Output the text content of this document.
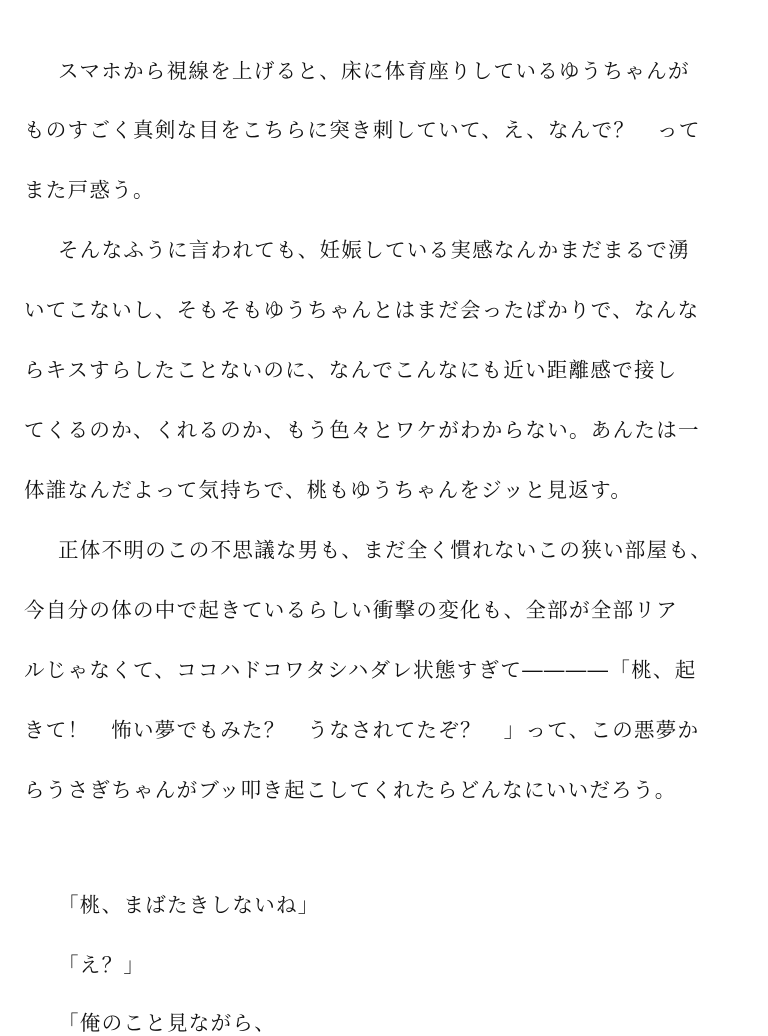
スマホから視線を上げると、床に体育座りしているゆうちゃんが
ものすごく真剣な目をこちらに突き刺していて、え、なんで？　って
また戸惑う。
そんなふうに言われても、妊娠している実感なんかまだまるで湧
いてこないし、そもそもゆうちゃんとはまだ会ったばかりで、なんな
らキスすらしたことないのに、なんでこんなにも近い距離感で接し
てくるのか、くれるのか、もう色々とワケがわからない。あんたは一
体誰なんだよって気持ちで、桃もゆうちゃんをジッと見返す。
正体不明のこの不思議な男も、まだ全く慣れないこの狭い部屋も、
今自分の体の中で起きているらしい衝撃の変化も、全部が全部リア
ルじゃなくて、ココハドコワタシハダレ状態すぎて――――「桃、起
きて！　怖い夢でもみた？　うなされてたぞ？　」って、この悪夢か
らうさぎちゃんがブッ叩き起こしてくれたらどんなにいいだろう。
「桃、まばたきしないね」
「え？」
「俺のこと見ながら、
